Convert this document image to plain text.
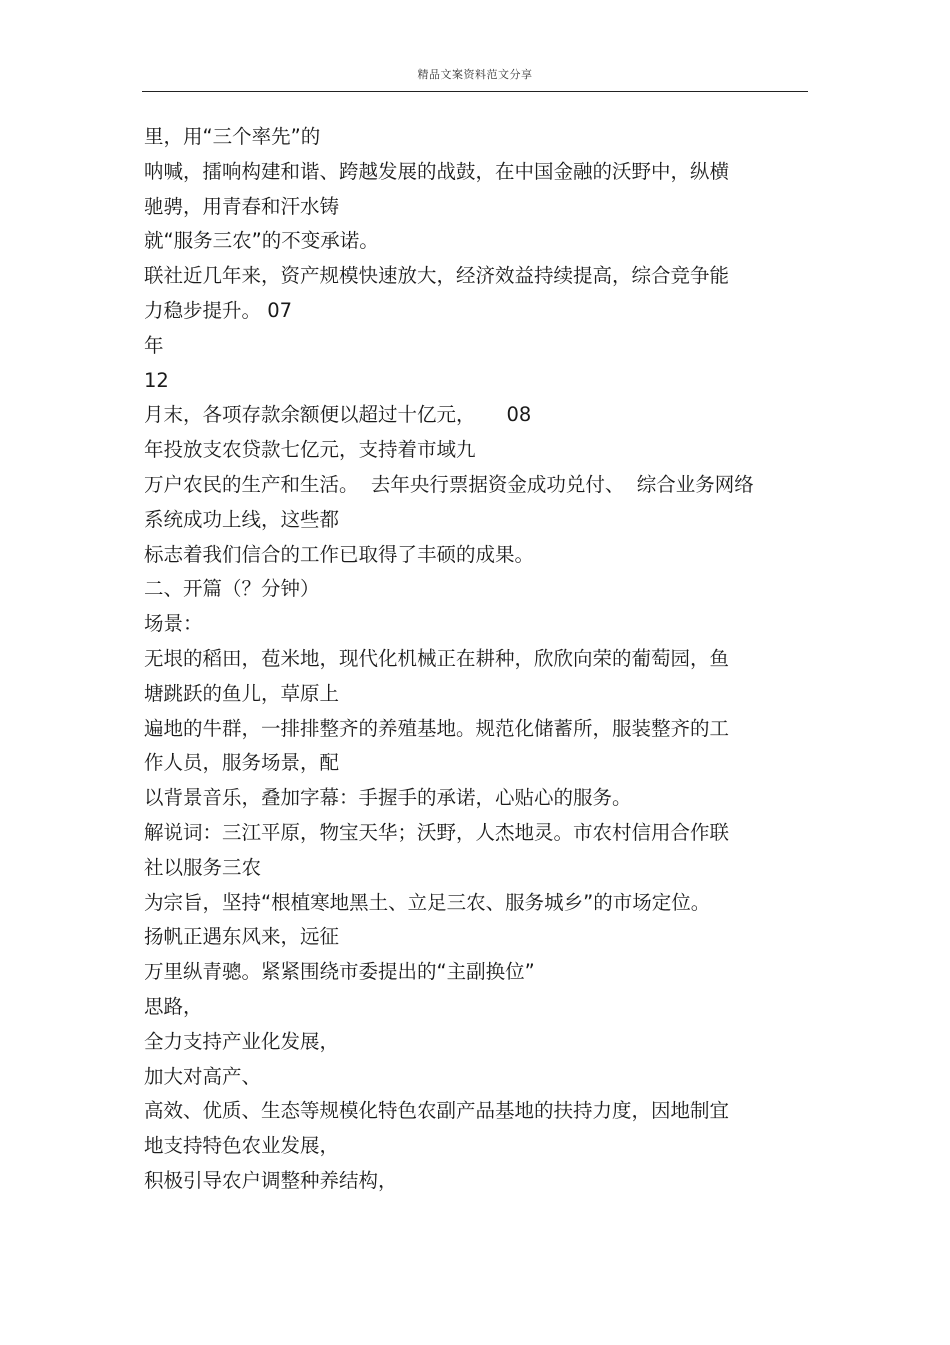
精品文案资料范文分享
里，用“三个率先”的
呐喊，擂响构建和谐、跨越发展的战鼓，在中国金融的沃野中，纵横
驰骋，用青春和汗水铸
就“服务三农”的不变承诺。
联社近几年来，资产规模快速放大，经济效益持续提高，综合竞争能
力稳步提升。 07
年
12
月末，各项存款余额便以超过十亿元，     08
年投放支农贷款七亿元，支持着市域九
万户农民的生产和生活。  去年央行票据资金成功兑付、  综合业务网络
系统成功上线，这些都
标志着我们信合的工作已取得了丰硕的成果。
二、开篇（？分钟）
场景：
无垠的稻田，苞米地，现代化机械正在耕种，欣欣向荣的葡萄园，鱼
塘跳跃的鱼儿，草原上
遍地的牛群，一排排整齐的养殖基地。规范化储蓄所，服装整齐的工
作人员，服务场景，配
以背景音乐，叠加字幕：手握手的承诺，心贴心的服务。
解说词：三江平原，物宝天华；沃野，人杰地灵。市农村信用合作联
社以服务三农
为宗旨，坚持“根植寒地黑土、立足三农、服务城乡”的市场定位。
扬帆正遇东风来，远征
万里纵青骢。紧紧围绕市委提出的“主副换位”
思路，
全力支持产业化发展，
加大对高产、
高效、优质、生态等规模化特色农副产品基地的扶持力度，因地制宜
地支持特色农业发展，
积极引导农户调整种养结构，
